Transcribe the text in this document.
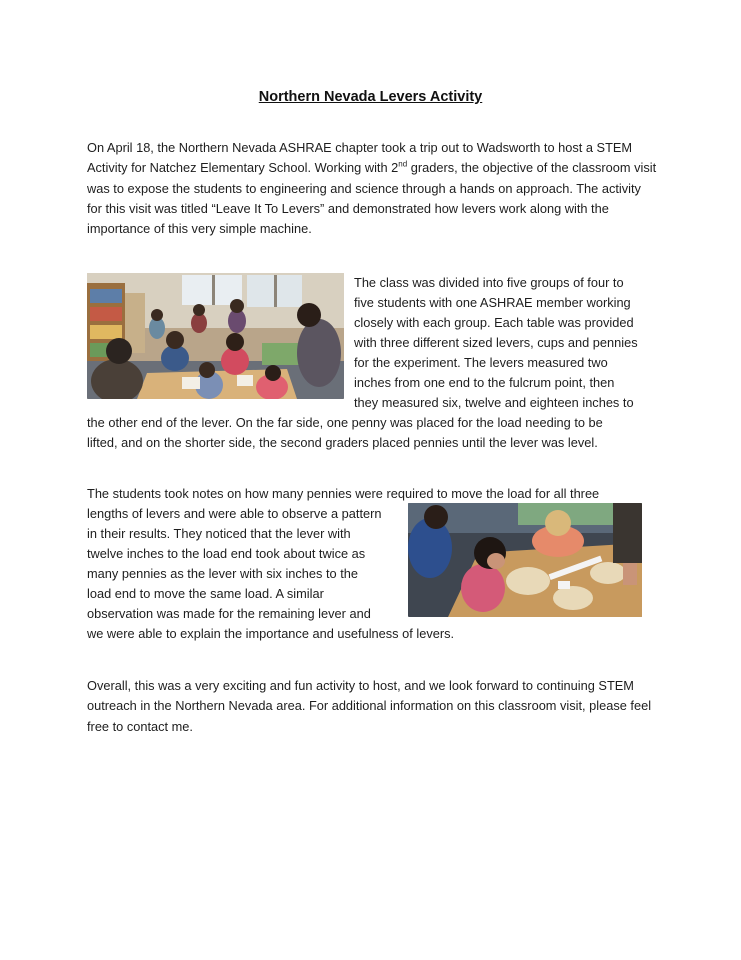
Northern Nevada Levers Activity
On April 18, the Northern Nevada ASHRAE chapter took a trip out to Wadsworth to host a STEM Activity for Natchez Elementary School. Working with 2nd graders, the objective of the classroom visit was to expose the students to engineering and science through a hands on approach. The activity for this visit was titled “Leave It To Levers” and demonstrated how levers work along with the importance of this very simple machine.
The class was divided into five groups of four to
five students with one ASHRAE member working
closely with each group. Each table was provided
with three different sized levers, cups and pennies
for the experiment. The levers measured two
inches from one end to the fulcrum point, then
they measured six, twelve and eighteen inches to
the other end of the lever. On the far side, one penny was placed for the load needing to be
lifted, and on the shorter side, the second graders placed pennies until the lever was level.
The students took notes on how many pennies were required to move the load for all three
lengths of levers and were able to observe a pattern
in their results. They noticed that the lever with
twelve inches to the load end took about twice as
many pennies as the lever with six inches to the
load end to move the same load. A similar
observation was made for the remaining lever and
we were able to explain the importance and usefulness of levers.
Overall, this was a very exciting and fun activity to host, and we look forward to continuing STEM outreach in the Northern Nevada area. For additional information on this classroom visit, please feel free to contact me.
